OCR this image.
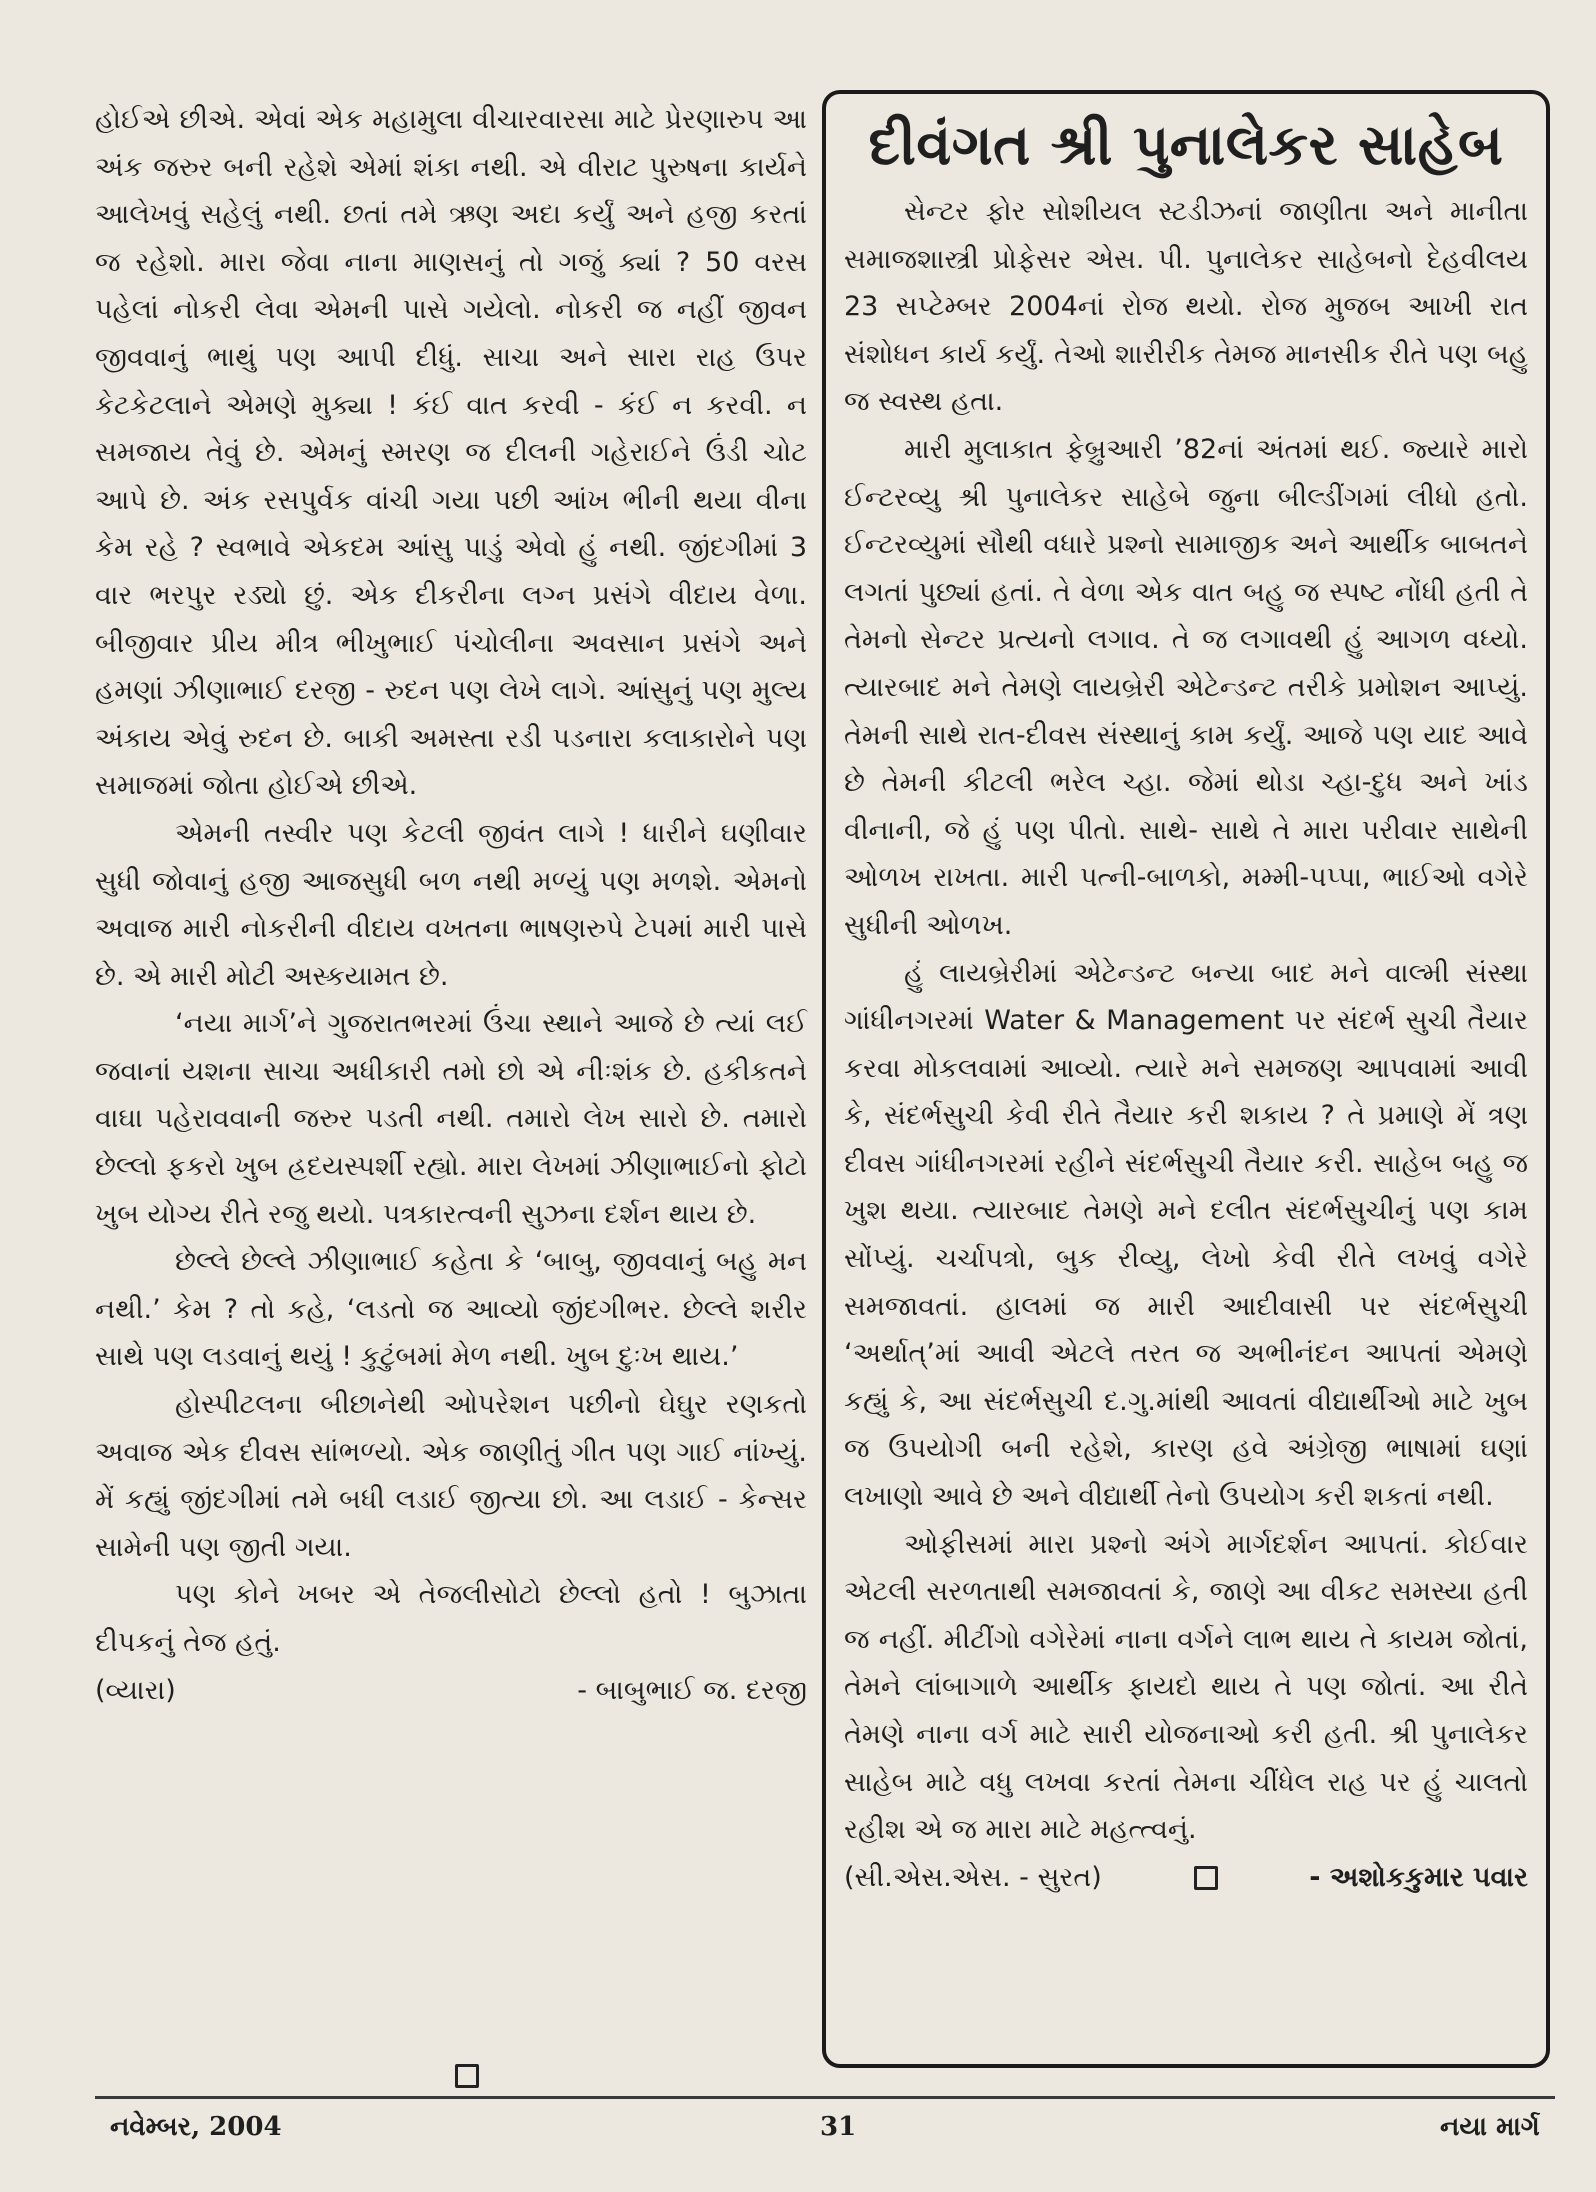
હોઈએ છીએ. એવાં એક મહામુલા વીચારવારસા માટે પ્રેરણારુપ આ અંક જરુર બની રહેશે એમાં શંકા નથી. એ વીરાટ પુરુષના કાર્યને આલેખવું સહેલું નથી. છતાં તમે ઋણ અદા કર્યું અને હજી કરતાં જ રહેશો. મારા જેવા નાના માણસનું તો ગજું ક્યાં ? 50 વરસ પહેલાં નોકરી લેવા એમની પાસે ગયેલો. નોકરી જ નહીં જીવન જીવવાનું ભાથું પણ આપી દીધું. સાચા અને સારા રાહ ઉપર કેટકેટલાને એમણે મુક્યા ! કંઈ વાત કરવી - કંઈ ન કરવી. ન સમજાય તેવું છે. એમનું સ્મરણ જ દીલની ગહેરાઈને ઉંડી ચોટ આપે છે. અંક રસપુર્વક વાંચી ગયા પછી આંખ ભીની થયા વીના કેમ રહે ? સ્વભાવે એકદમ આંસુ પાડું એવો હું નથી. જીંદગીમાં 3 વાર ભરપુર રડ્યો છું. એક દીકરીના લગ્ન પ્રસંગે વીદાય વેળા. બીજીવાર પ્રીય મીત્ર ભીખુભાઈ પંચોલીના અવસાન પ્રસંગે અને હમણાં ઝીણાભાઈ દરજી - રુદન પણ લેખે લાગે. આંસુનું પણ મુલ્ય અંકાય એવું રુદન છે. બાકી અમસ્તા રડી પડનારા કલાકારોને પણ સમાજમાં જોતા હોઈએ છીએ.

એમની તસ્વીર પણ કેટલી જીવંત લાગે ! ધારીને ઘણીવાર સુધી જોવાનું હજી આજસુધી બળ નથી મળ્યું પણ મળશે. એમનો અવાજ મારી નોકરીની વીદાય વખતના ભાષણરુપે ટેપમાં મારી પાસે છે. એ મારી મોટી અસ્કયામત છે.

‘નયા માર્ગ’ને ગુજરાતભરમાં ઉંચા સ્થાને આજે છે ત્યાં લઈ જવાનાં યશના સાચા અધીકારી તમો છો એ નીઃશંક છે. હકીકતને વાઘા પહેરાવવાની જરુર પડતી નથી. તમારો લેખ સારો છે. તમારો છેલ્લો ફકરો ખુબ હ્રદયસ્પર્શી રહ્યો. મારા લેખમાં ઝીણાભાઈનો ફોટો ખુબ યોગ્ય રીતે રજુ થયો. પત્રકારત્વની સુઝના દર્શન થાય છે.

છેલ્લે છેલ્લે ઝીણાભાઈ કહેતા કે ‘બાબુ, જીવવાનું બહુ મન નથી.’ કેમ ? તો કહે, ‘લડતો જ આવ્યો જીંદગીભર. છેલ્લે શરીર સાથે પણ લડવાનું થયું ! કુટુંબમાં મેળ નથી. ખુબ દુઃખ થાય.’

હોસ્પીટલના બીછાનેથી ઓપરેશન પછીનો ઘેઘુર રણકતો અવાજ એક દીવસ સાંભળ્યો. એક જાણીતું ગીત પણ ગાઈ નાંખ્યું. મેં કહ્યું જીંદગીમાં તમે બધી લડાઈ જીત્યા છો. આ લડાઈ - કેન્સર સામેની પણ જીતી ગયા.

પણ કોને ખબર એ તેજલીસોટો છેલ્લો હતો ! બુઝાતા દીપકનું તેજ હતું.

(વ્યારા)	- બાબુભાઈ જ. દરજી
દીવંગત શ્રી પુનાલેકર સાહેબ

સેન્ટર ફોર સોશીયલ સ્ટડીઝનાં જાણીતા અને માનીતા સમાજશાસ્ત્રી પ્રોફેસર એસ. પી. પુનાલેકર સાહેબનો દેહવીલય 23 સપ્ટેમ્બર 2004નાં રોજ થયો. રોજ મુજબ આખી રાત સંશોધન કાર્ય કર્યું. તેઓ શારીરીક તેમજ માનસીક રીતે પણ બહુ જ સ્વસ્થ હતા.

મારી મુલાકાત ફેબ્રુઆરી ’82નાં અંતમાં થઈ. જ્યારે મારો ઈન્ટરવ્યુ શ્રી પુનાલેકર સાહેબે જુના બીલ્ડીંગમાં લીધો હતો. ઈન્ટરવ્યુમાં સૌથી વધારે પ્રશ્નો સામાજીક અને આર્થીક બાબતને લગતાં પુછ્યાં હતાં. તે વેળા એક વાત બહુ જ સ્પષ્ટ નોંધી હતી તે તેમનો સેન્ટર પ્રત્યનો લગાવ. તે જ લગાવથી હું આગળ વધ્યો. ત્યારબાદ મને તેમણે લાયબ્રેરી એટેન્ડન્ટ તરીકે પ્રમોશન આપ્યું. તેમની સાથે રાત-દીવસ સંસ્થાનું કામ કર્યું. આજે પણ યાદ આવે છે તેમની કીટલી ભરેલ ચ્હા. જેમાં થોડા ચ્હા-દુધ અને ખાંડ વીનાની, જે હું પણ પીતો. સાથે- સાથે તે મારા પરીવાર સાથેની ઓળખ રાખતા. મારી પત્ની-બાળકો, મમ્મી-પપ્પા, ભાઈઓ વગેરે સુધીની ઓળખ.

હું લાયબ્રેરીમાં એટેન્ડન્ટ બન્યા બાદ મને વાલ્મી સંસ્થા ગાંધીનગરમાં Water & Management પર સંદર્ભ સુચી તૈયાર કરવા મોકલવામાં આવ્યો. ત્યારે મને સમજણ આપવામાં આવી કે, સંદર્ભસુચી કેવી રીતે તૈયાર કરી શકાય ? તે પ્રમાણે મેં ત્રણ દીવસ ગાંધીનગરમાં રહીને સંદર્ભસુચી તૈયાર કરી. સાહેબ બહુ જ ખુશ થયા. ત્યારબાદ તેમણે મને દલીત સંદર્ભસુચીનું પણ કામ સોંપ્યું. ચર્ચાપત્રો, બુક રીવ્યુ, લેખો કેવી રીતે લખવું વગેરે સમજાવતાં. હાલમાં જ મારી આદીવાસી પર સંદર્ભસુચી ‘અર્થાત્’માં આવી એટલે તરત જ અભીનંદન આપતાં એમણે કહ્યું કે, આ સંદર્ભસુચી દ.ગુ.માંથી આવતાં વીદ્યાર્થીઓ માટે ખુબ જ ઉપયોગી બની રહેશે, કારણ હવે અંગ્રેજી ભાષામાં ઘણાં લખાણો આવે છે અને વીદ્યાર્થી તેનો ઉપયોગ કરી શકતાં નથી.

ઓફીસમાં મારા પ્રશ્નો અંગે માર્ગદર્શન આપતાં. કોઈવાર એટલી સરળતાથી સમજાવતાં કે, જાણે આ વીકટ સમસ્યા હતી જ નહીં. મીટીંગો વગેરેમાં નાના વર્ગને લાભ થાય તે કાયમ જોતાં, તેમને લાંબાગાળે આર્થીક ફાયદો થાય તે પણ જોતાં. આ રીતે તેમણે નાના વર્ગ માટે સારી યોજનાઓ કરી હતી. શ્રી પુનાલેકર સાહેબ માટે વધુ લખવા કરતાં તેમના ચીંધેલ રાહ પર હું ચાલતો રહીશ એ જ મારા માટે મહત્ત્વનું.

(સી.એસ.એસ. - સુરત)	- અશોકકુમાર પવાર
નવેમ્બર, 2004	31	નયા માર્ગ
